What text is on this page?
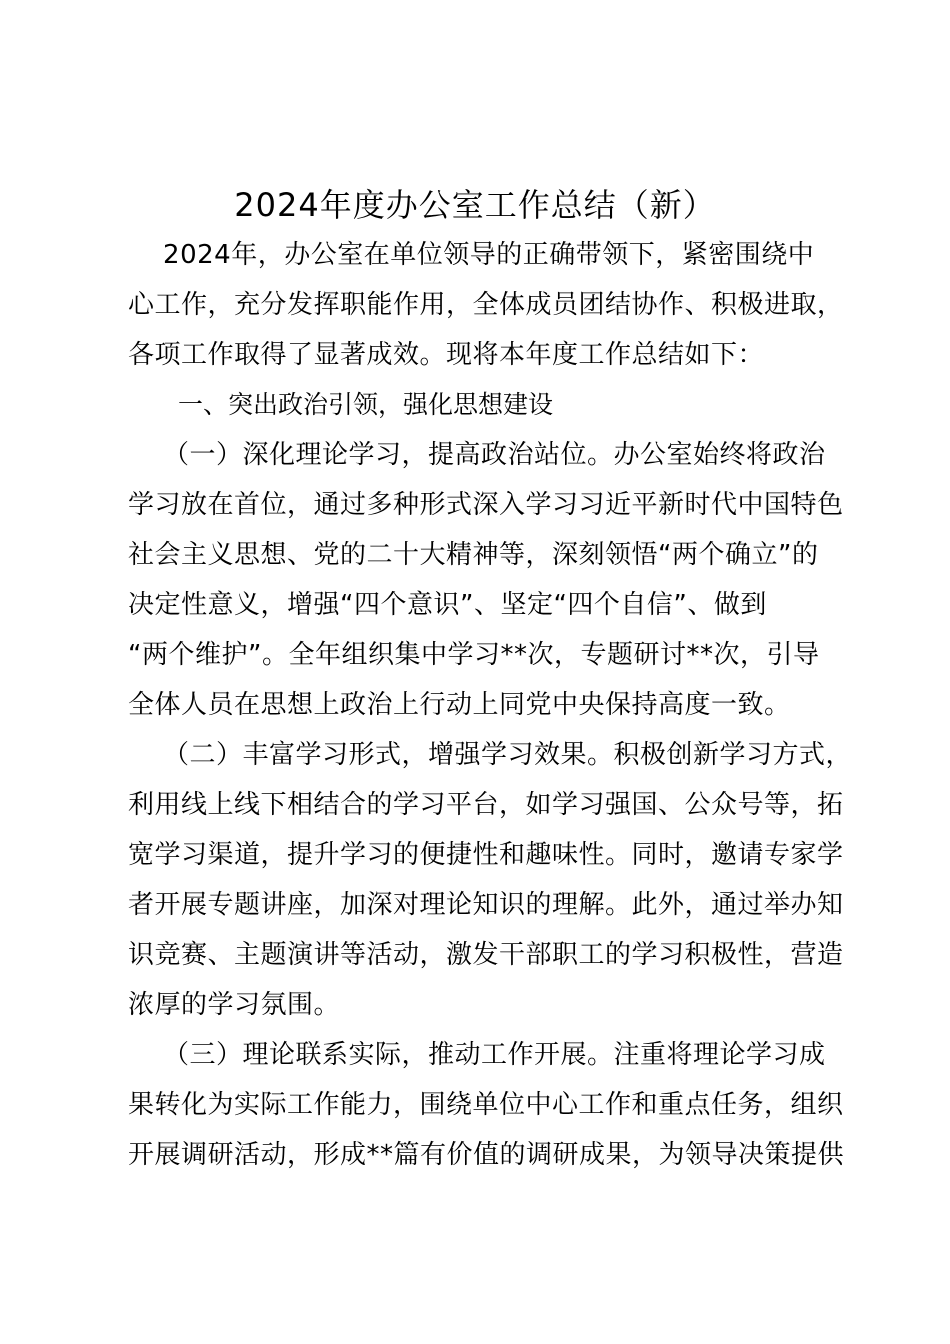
2024年度办公室工作总结（新）
2024年，办公室在单位领导的正确带领下，紧密围绕中
心工作，充分发挥职能作用，全体成员团结协作、积极进取，
各项工作取得了显著成效。现将本年度工作总结如下：
一、突出政治引领，强化思想建设
（一）深化理论学习，提高政治站位。办公室始终将政治
学习放在首位，通过多种形式深入学习习近平新时代中国特色
社会主义思想、党的二十大精神等，深刻领悟“两个确立”的
决定性意义，增强“四个意识”、坚定“四个自信”、做到
“两个维护”。全年组织集中学习**次，专题研讨**次，引导
全体人员在思想上政治上行动上同党中央保持高度一致。
（二）丰富学习形式，增强学习效果。积极创新学习方式，
利用线上线下相结合的学习平台，如学习强国、公众号等，拓
宽学习渠道，提升学习的便捷性和趣味性。同时，邀请专家学
者开展专题讲座，加深对理论知识的理解。此外，通过举办知
识竞赛、主题演讲等活动，激发干部职工的学习积极性，营造
浓厚的学习氛围。
（三）理论联系实际，推动工作开展。注重将理论学习成
果转化为实际工作能力，围绕单位中心工作和重点任务，组织
开展调研活动，形成**篇有价值的调研成果，为领导决策提供
